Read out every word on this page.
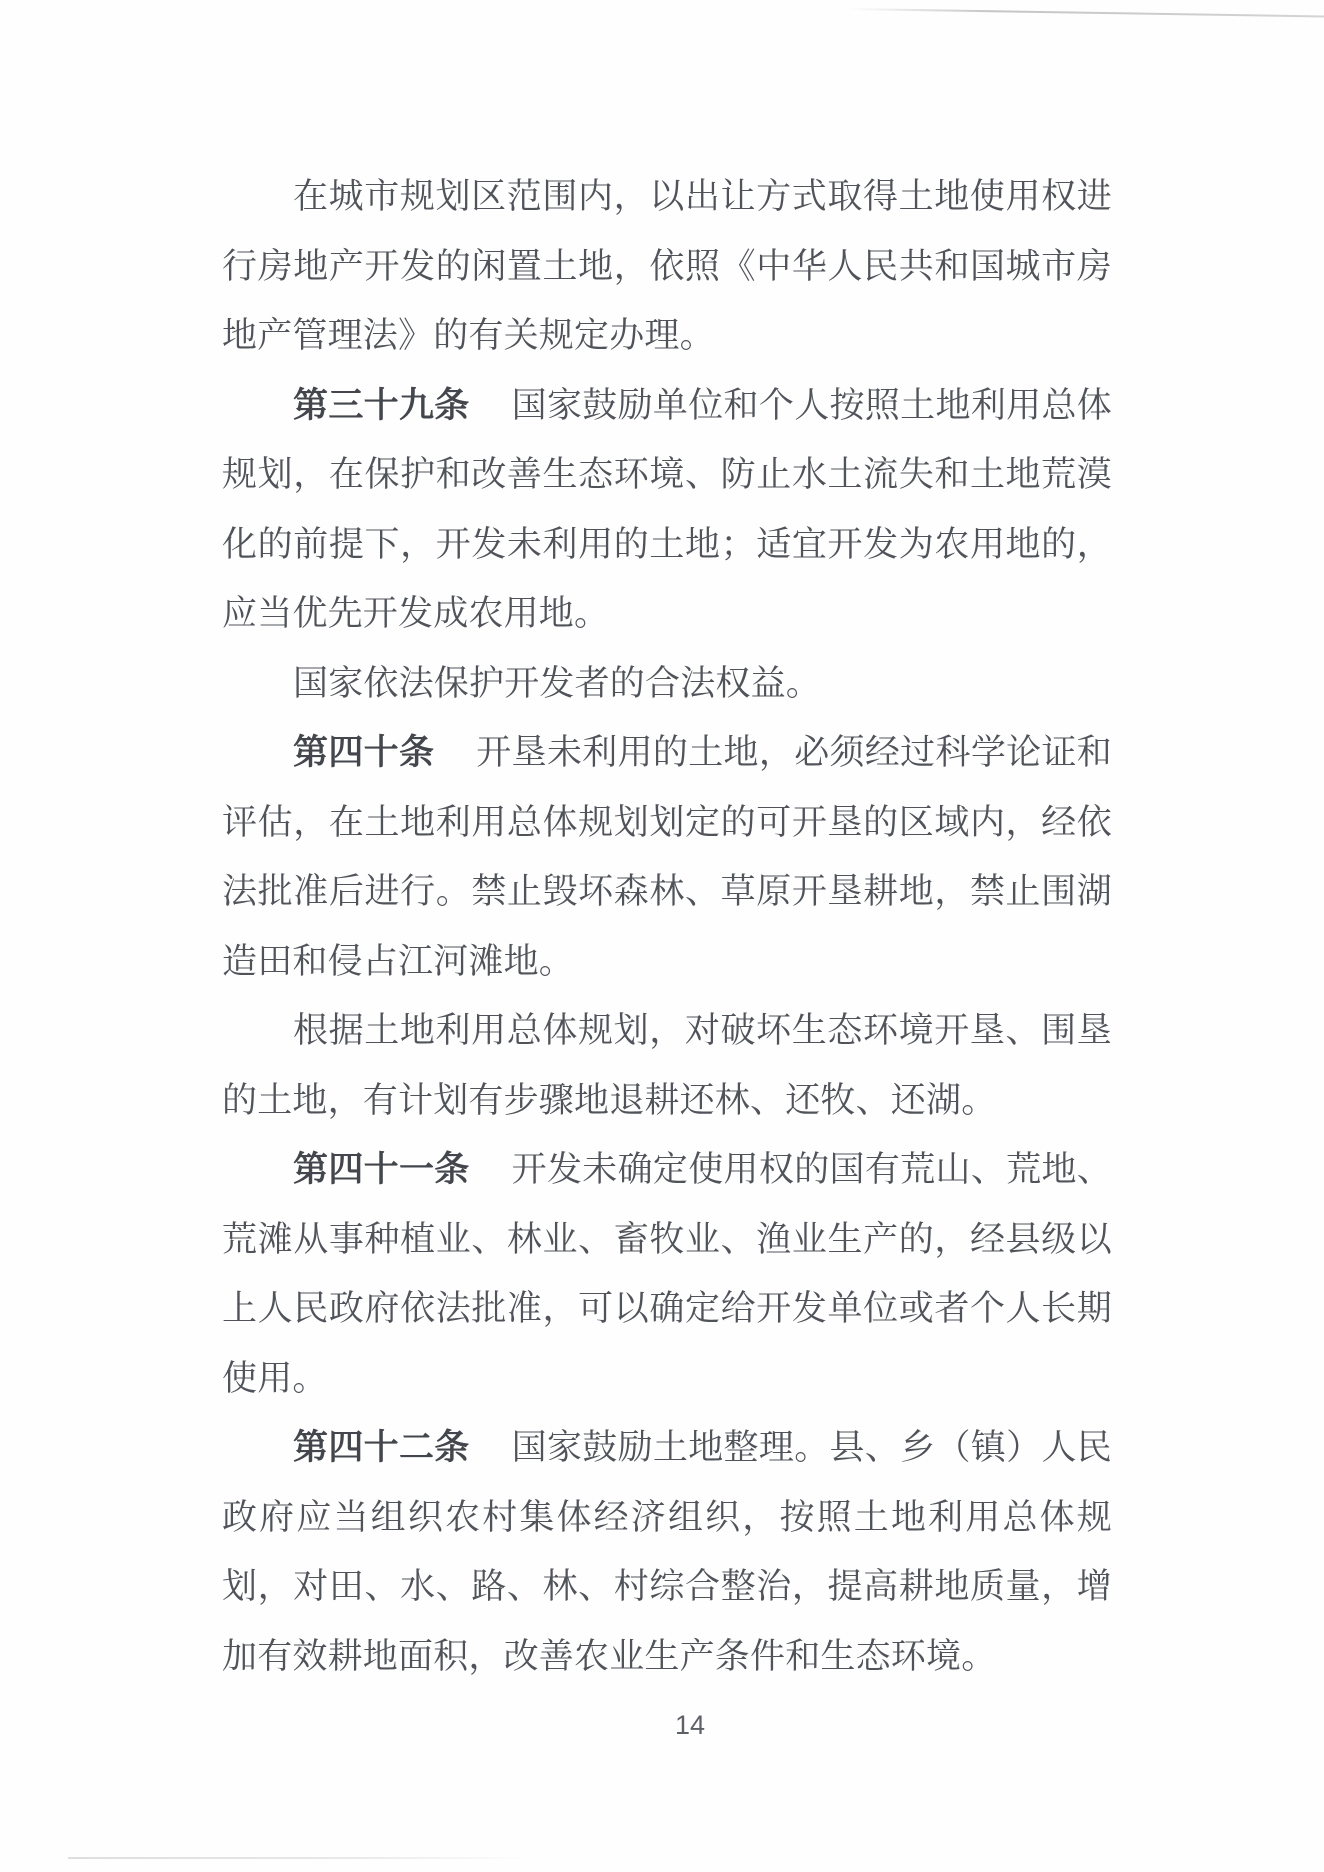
在城市规划区范围内，以出让方式取得土地使用权进
行房地产开发的闲置土地，依照《中华人民共和国城市房
地产管理法》的有关规定办理。
第三十九条 国家鼓励单位和个人按照土地利用总体
规划，在保护和改善生态环境、防止水土流失和土地荒漠
化的前提下，开发未利用的土地；适宜开发为农用地的，
应当优先开发成农用地。
国家依法保护开发者的合法权益。
第四十条 开垦未利用的土地，必须经过科学论证和
评估，在土地利用总体规划划定的可开垦的区域内，经依
法批准后进行。禁止毁坏森林、草原开垦耕地，禁止围湖
造田和侵占江河滩地。
根据土地利用总体规划，对破坏生态环境开垦、围垦
的土地，有计划有步骤地退耕还林、还牧、还湖。
第四十一条 开发未确定使用权的国有荒山、荒地、
荒滩从事种植业、林业、畜牧业、渔业生产的，经县级以
上人民政府依法批准，可以确定给开发单位或者个人长期
使用。
第四十二条 国家鼓励土地整理。县、乡（镇）人民
政府应当组织农村集体经济组织，按照土地利用总体规
划，对田、水、路、林、村综合整治，提高耕地质量，增
加有效耕地面积，改善农业生产条件和生态环境。
14
